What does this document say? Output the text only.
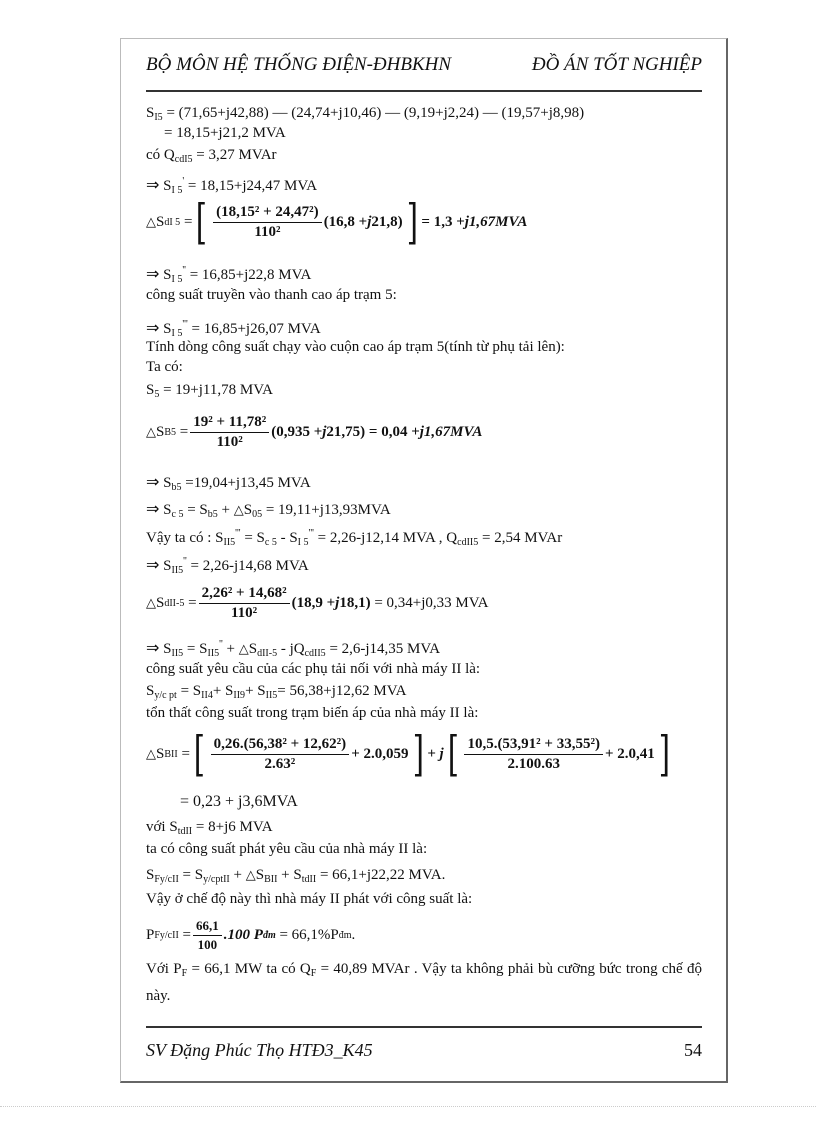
BỘ MÔN HỆ THỐNG ĐIỆN-ĐHBKHN	ĐỒ ÁN TỐT NGHIỆP
$S_{I5} = (71,65+j42,88)$ — (24,74+j10,46) — (9,19+j2,24) — (19,57+j8,98)
= 18,15+j21,2 MVA
có $Q_{cdI5} = 3,27$ MVAr
⇒ $S_{I 5}' = 18,15+j24,47$ MVA
△ S dI 5 = [ $\frac{\text{(18,15² + 24,47²)}}{\text{110²}} (16,8 + j$ 21,8) ] = 1,3 + j1,67MVA
⇒ $S_{I 5}'' = 16,85+j22,8$ MVA
công suất truyền vào thanh cao áp trạm 5:
⇒ $S_{I 5}''' = 16,85+j26,07$ MVA
Tính dòng công suất chạy vào cuộn cao áp trạm 5(tính từ phụ tải lên):
Ta có:
$S_5 = 19+j11,78$ MVA
△ S $B5 = \frac{\text{19² + 11,78²}}{\text{110²}} (0,935 + j$ 21,75) = 0,04 + j1,67MVA
⇒ $S_{b5} =19,04+j13,45$ MVA
⇒ $S_{c 5} = S_{b5}$ + $\triangle S_{05} = 19,11+j13,93MVA$
Vậy ta có : $S_{II5}''' = S_{c 5} - S_{I 5}''' = 2,26-j12,14$ MVA , $Q_{cdII5} = 2,54$ MVAr
⇒ $S_{II5}'' = 2,26-j14,68$ MVA
△ S $dII-5 = \frac{\text{2,26² + 14,68²}}{\text{110²}} (18,9 + j$ 18,1)
= 0,34+j0,33 MVA
⇒ $S_{II5} = S_{II5}''$ + $\triangle S_{dII-5} - jQ_{cdII5} = 2,6-j14,35$ MVA
công suất yêu cầu của các phụ tải nối với nhà máy II là:
$S_{y/c pt} = S_{II4}+ S_{II9}+ S_{II5}= 56,38+j12,62$ MVA
tổn thất công suất trong trạm biến áp của nhà máy II là:
△ S BII = [ $\frac{\text{0,26.(56,38² + 12,62²)}}{\text{2.63²}} + 2.0,059$ ] + j [ $\frac{\text{10,5.(53,91² + 33,55²)}}{2.100.63} + 2.0,41$ ]
= 0,23 + j3,6MVA
với $S_{tdII} = 8+j6$ MVA
ta có công suất phát yêu cầu của nhà máy II là:
$S_{Fy/cII} = S_{y/cptII}$ + $\triangle S_{BII} + S_{tdII} = 66,1+j22,22$ MVA.
Vậy ở chế độ này thì nhà máy II phát với công suất là:
P $Fy/cII = \frac{66,1}{100} .100$ P đm
= 66,1%P đm .
Với $P_F = 66,1$ MW ta có $Q_F = 40,89$ MVAr . Vậy ta không phải bù cưỡng bức trong chế độ này.
SV Đặng Phúc Thọ HTĐ3_K45	54
